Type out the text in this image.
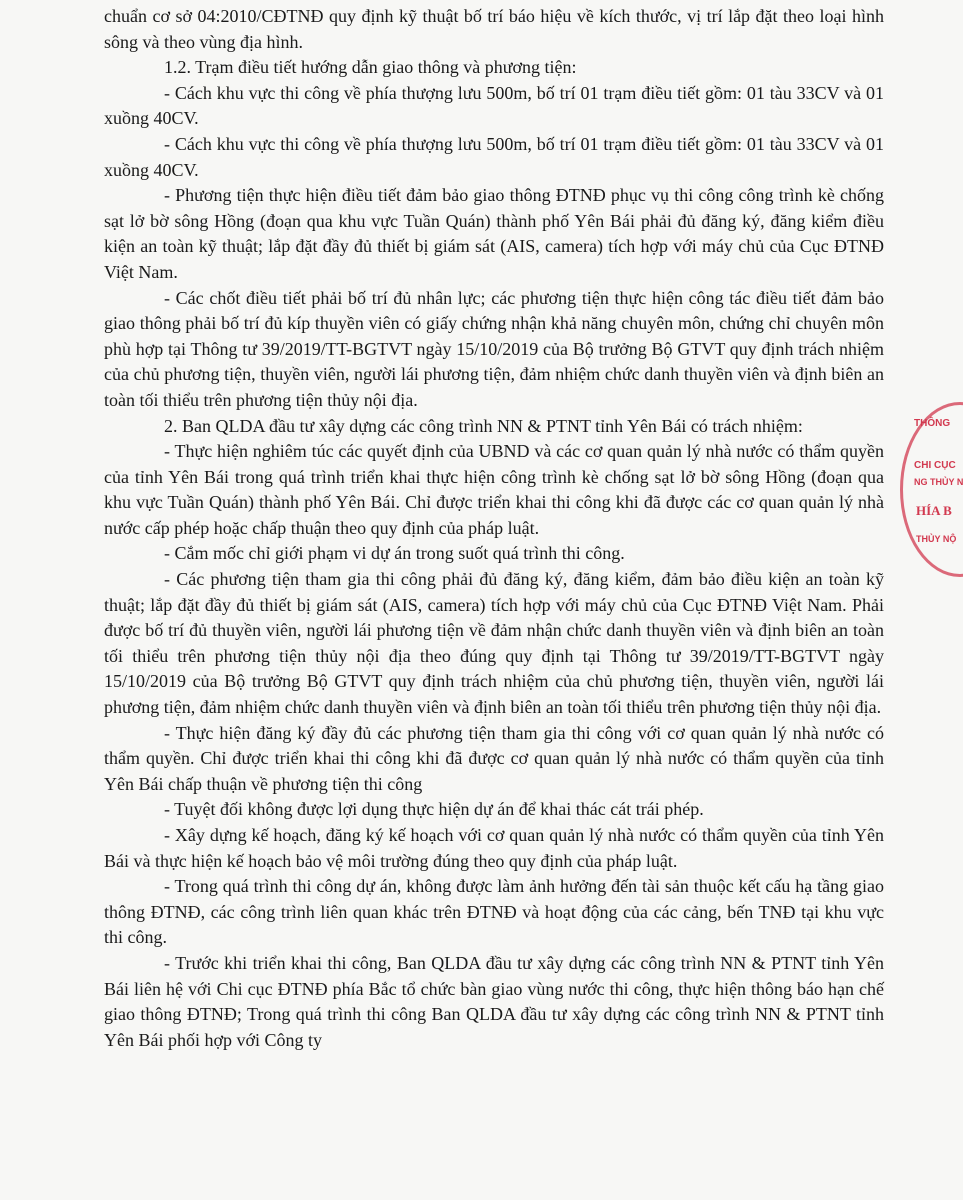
chuẩn cơ sở 04:2010/CĐTNĐ quy định kỹ thuật bố trí báo hiệu về kích thước, vị trí lắp đặt theo loại hình sông và theo vùng địa hình.

1.2. Trạm điều tiết hướng dẫn giao thông và phương tiện:

- Cách khu vực thi công về phía thượng lưu 500m, bố trí 01 trạm điều tiết gồm: 01 tàu 33CV và 01 xuồng 40CV.

- Cách khu vực thi công về phía thượng lưu 500m, bố trí 01 trạm điều tiết gồm: 01 tàu 33CV và 01 xuồng 40CV.

- Phương tiện thực hiện điều tiết đảm bảo giao thông ĐTNĐ phục vụ thi công công trình kè chống sạt lở bờ sông Hồng (đoạn qua khu vực Tuần Quán) thành phố Yên Bái phải đủ đăng ký, đăng kiểm điều kiện an toàn kỹ thuật; lắp đặt đầy đủ thiết bị giám sát (AIS, camera) tích hợp với máy chủ của Cục ĐTNĐ Việt Nam.

- Các chốt điều tiết phải bố trí đủ nhân lực; các phương tiện thực hiện công tác điều tiết đảm bảo giao thông phải bố trí đủ kíp thuyền viên có giấy chứng nhận khả năng chuyên môn, chứng chỉ chuyên môn phù hợp tại Thông tư 39/2019/TT-BGTVT ngày 15/10/2019 của Bộ trưởng Bộ GTVT quy định trách nhiệm của chủ phương tiện, thuyền viên, người lái phương tiện, đảm nhiệm chức danh thuyền viên và định biên an toàn tối thiểu trên phương tiện thủy nội địa.

2. Ban QLDA đầu tư xây dựng các công trình NN & PTNT tỉnh Yên Bái có trách nhiệm:

- Thực hiện nghiêm túc các quyết định của UBND và các cơ quan quản lý nhà nước có thẩm quyền của tỉnh Yên Bái trong quá trình triển khai thực hiện công trình kè chống sạt lở bờ sông Hồng (đoạn qua khu vực Tuần Quán) thành phố Yên Bái. Chỉ được triển khai thi công khi đã được các cơ quan quản lý nhà nước cấp phép hoặc chấp thuận theo quy định của pháp luật.

- Cắm mốc chỉ giới phạm vi dự án trong suốt quá trình thi công.

- Các phương tiện tham gia thi công phải đủ đăng ký, đăng kiểm, đảm bảo điều kiện an toàn kỹ thuật; lắp đặt đầy đủ thiết bị giám sát (AIS, camera) tích hợp với máy chủ của Cục ĐTNĐ Việt Nam. Phải được bố trí đủ thuyền viên, người lái phương tiện về đảm nhận chức danh thuyền viên và định biên an toàn tối thiểu trên phương tiện thủy nội địa theo đúng quy định tại Thông tư 39/2019/TT-BGTVT ngày 15/10/2019 của Bộ trưởng Bộ GTVT quy định trách nhiệm của chủ phương tiện, thuyền viên, người lái phương tiện, đảm nhiệm chức danh thuyền viên và định biên an toàn tối thiểu trên phương tiện thủy nội địa.

- Thực hiện đăng ký đầy đủ các phương tiện tham gia thi công với cơ quan quản lý nhà nước có thẩm quyền. Chỉ được triển khai thi công khi đã được cơ quan quản lý nhà nước có thẩm quyền của tỉnh Yên Bái chấp thuận về phương tiện thi công

- Tuyệt đối không được lợi dụng thực hiện dự án để khai thác cát trái phép.

- Xây dựng kế hoạch, đăng ký kế hoạch với cơ quan quản lý nhà nước có thẩm quyền của tỉnh Yên Bái và thực hiện kế hoạch bảo vệ môi trường đúng theo quy định của pháp luật.

- Trong quá trình thi công dự án, không được làm ảnh hưởng đến tài sản thuộc kết cấu hạ tầng giao thông ĐTNĐ, các công trình liên quan khác trên ĐTNĐ và hoạt động của các cảng, bến TNĐ tại khu vực thi công.

- Trước khi triển khai thi công, Ban QLDA đầu tư xây dựng các công trình NN & PTNT tỉnh Yên Bái liên hệ với Chi cục ĐTNĐ phía Bắc tổ chức bàn giao vùng nước thi công, thực hiện thông báo hạn chế giao thông ĐTNĐ; Trong quá trình thi công Ban QLDA đầu tư xây dựng các công trình NN & PTNT tỉnh Yên Bái phối hợp với Công ty

THÔNG
CHI CỤC
NG THỦY N
HÍA B
THỦY NỘ
